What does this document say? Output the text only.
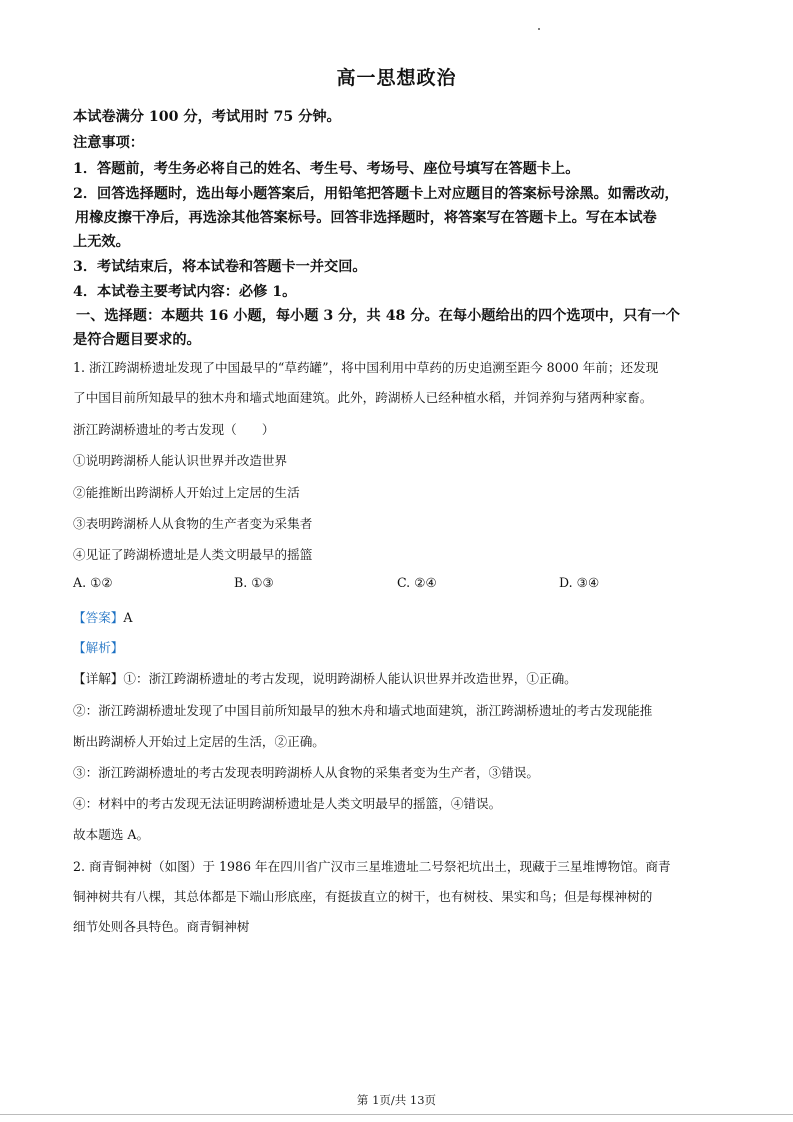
高一思想政治
本试卷满分 100 分，考试用时 75 分钟。
注意事项：
1．答题前，考生务必将自己的姓名、考生号、考场号、座位号填写在答题卡上。
2．回答选择题时，选出每小题答案后，用铅笔把答题卡上对应题目的答案标号涂黑。如需改动，
用橡皮擦干净后，再选涂其他答案标号。回答非选择题时，将答案写在答题卡上。写在本试卷
上无效。
3．考试结束后，将本试卷和答题卡一并交回。
4．本试卷主要考试内容：必修 1。
一、选择题：本题共 16 小题，每小题 3 分，共 48 分。在每小题给出的四个选项中，只有一个
是符合题目要求的。
1. 浙江跨湖桥遗址发现了中国最早的“草药罐”，将中国利用中草药的历史追溯至距今 8000 年前；还发现
了中国目前所知最早的独木舟和墙式地面建筑。此外，跨湖桥人已经种植水稻，并饲养狗与猪两种家畜。
浙江跨湖桥遗址的考古发现（　　）
①说明跨湖桥人能认识世界并改造世界
②能推断出跨湖桥人开始过上定居的生活
③表明跨湖桥人从食物的生产者变为采集者
④见证了跨湖桥遗址是人类文明最早的摇篮
A. ①②	B. ①③	C. ②④	D. ③④
【答案】A
【解析】
【详解】①：浙江跨湖桥遗址的考古发现，说明跨湖桥人能认识世界并改造世界，①正确。
②：浙江跨湖桥遗址发现了中国目前所知最早的独木舟和墙式地面建筑，浙江跨湖桥遗址的考古发现能推
断出跨湖桥人开始过上定居的生活，②正确。
③：浙江跨湖桥遗址的考古发现表明跨湖桥人从食物的采集者变为生产者，③错误。
④：材料中的考古发现无法证明跨湖桥遗址是人类文明最早的摇篮，④错误。
故本题选 A。
2. 商青铜神树（如图）于 1986 年在四川省广汉市三星堆遗址二号祭祀坑出土，现藏于三星堆博物馆。商青
铜神树共有八棵，其总体都是下端山形底座，有挺拔直立的树干，也有树枝、果实和鸟；但是每棵神树的
细节处则各具特色。商青铜神树
第 1页/共 13页
